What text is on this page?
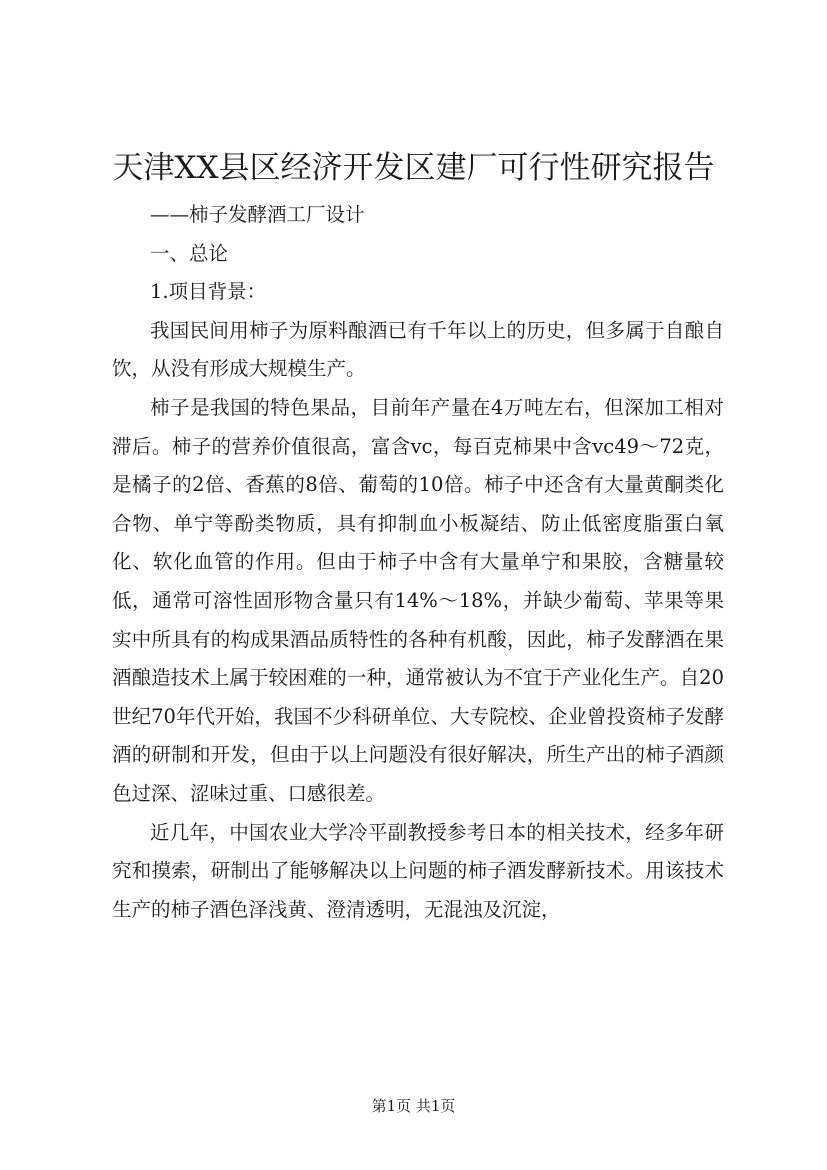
天津XX县区经济开发区建厂可行性研究报告

——柿子发酵酒工厂设计

一、总论

1.项目背景：

我国民间用柿子为原料酿酒已有千年以上的历史，但多属于自酿自饮，从没有形成大规模生产。

柿子是我国的特色果品，目前年产量在4万吨左右，但深加工相对滞后。柿子的营养价值很高，富含vc，每百克柿果中含vc49～72克，是橘子的2倍、香蕉的8倍、葡萄的10倍。柿子中还含有大量黄酮类化合物、单宁等酚类物质，具有抑制血小板凝结、防止低密度脂蛋白氧化、软化血管的作用。但由于柿子中含有大量单宁和果胶，含糖量较低，通常可溶性固形物含量只有14%～18%，并缺少葡萄、苹果等果实中所具有的构成果酒品质特性的各种有机酸，因此，柿子发酵酒在果酒酿造技术上属于较困难的一种，通常被认为不宜于产业化生产。自20世纪70年代开始，我国不少科研单位、大专院校、企业曾投资柿子发酵酒的研制和开发，但由于以上问题没有很好解决，所生产出的柿子酒颜色过深、涩味过重、口感很差。

近几年，中国农业大学冷平副教授参考日本的相关技术，经多年研究和摸索，研制出了能够解决以上问题的柿子酒发酵新技术。用该技术生产的柿子酒色泽浅黄、澄清透明，无混浊及沉淀，

第1页 共1页
